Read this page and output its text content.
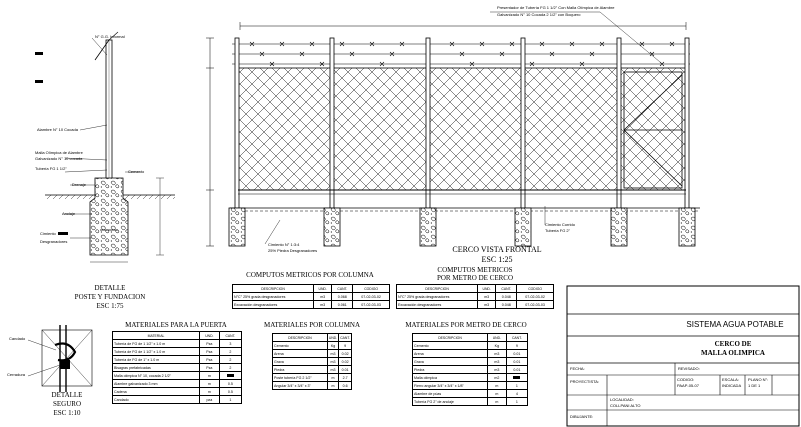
Presentador de Tubería FG 1 1/2" Con Malla Olímpica de Alambre
Galvanizado N° 10 Cocada 2 1/2" con Boquero
N° G.G. Informal
Alambre N° 10 Cocada
Malla Olímpica de Alambre
Galvanizado N° 10 cocada
Tubería FG 1 1/2"
Cemento
Drenaje
Anclaje
Cimiento
Desgranadores
DETALLE
POSTE Y FUNDACION
ESC 1:75
Cimiento N° 1:3:4
25% Piedra Desgranadores
Cimiento Corrido
Tubería FG 2"
CERCO VISTA FRONTAL
ESC 1:25
Candado
Cerradura
DETALLE
SEGURO
ESC 1:10
COMPUTOS METRICOS POR COLUMNA
DESCRIPCION	UND.	CANT.	CODIGO
N°C° 25% grada desgranadores	m3	0.068	07-02-03-02
Excavación desgranadores	m3	0.061	07-02-03-03
COMPUTOS METRICOS
POR METRO DE CERCO
DESCRIPCION	UND.	CANT.	CODIGO
N°C° 25% grada desgranadores	m3	0.048	07-02-03-02
Excavación desgranadores	m3	0.048	07-02-03-03
MATERIALES PARA LA PUERTA
MATERIAL	UND.	CANT.
Tubería de FG de 1 1/2" x 1.0 m	Pza	3
Tubería de FG de 1 1/2" x 1.0 m	Pza	2
Tubería de FG de 1" x 1.0 m	Pza	2
Bisagras prefabricadas	Pza	2
Malla olímpica N° 10, cocada 2 1/2"	m	
Alambre galvanizado 3 mm	m	0.5
Cadena	m	0.5
Candado	pza	1
MATERIALES POR COLUMNA
DESCRIPCION	UND.	CANT.
Cemento	Kg	9
Arena	m3	0.02
Grava	m3	0.02
Piedra	m3	0.01
Poste tubería FG 2 1/2"	m	2.7
Angular 3/4" x 3/4" x 3"	m	0.6
MATERIALES POR METRO DE CERCO
DESCRIPCION	UND.	CANT.
Cemento	Kg	9
Arena	m3	0.01
Grava	m3	0.01
Piedra	m3	0.01
Malla olímpica	m2	
Fierro angular 3/4" x 3/4" x 1/8"	m	1
Alambre de púas	m	4
Tubería FG 2" de anclaje	m	1
SISTEMA AGUA POTABLE
CERCO DE
MALLA OLIMPICA
FECHA:	REVISADO:
PROYECTISTA:	CODIGO:
PAAP-05-07
ESCALA:
INDICADA
PLANO N°:
1 DE 1
LOCALIDAD:
COLLPANI ALTO
DIBUJANTE:
